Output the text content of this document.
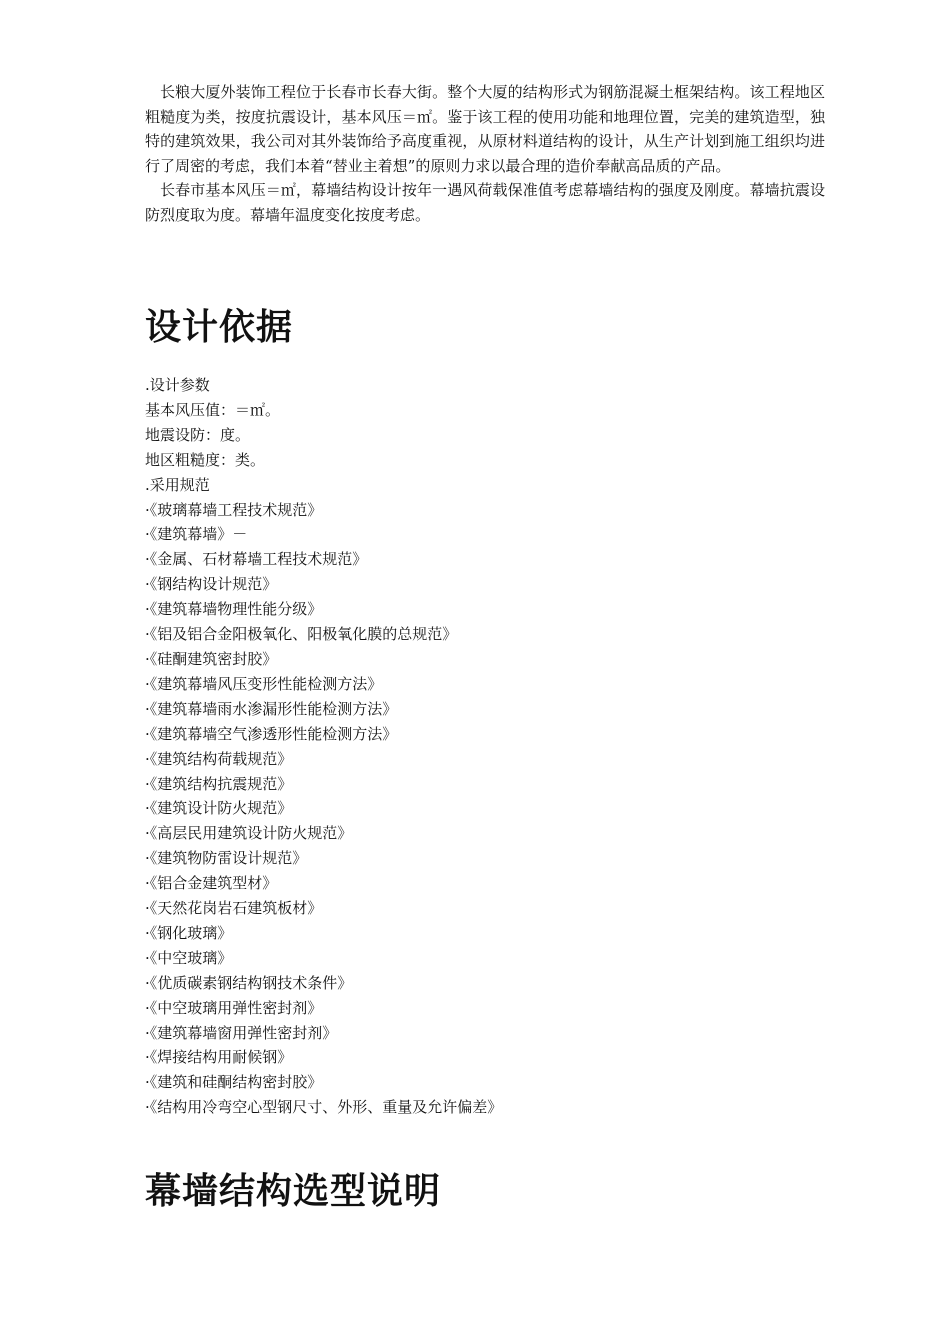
长粮大厦外装饰工程位于长春市长春大街。整个大厦的结构形式为钢筋混凝土框架结构。该工程地区粗糙度为类，按度抗震设计，基本风压＝㎡。鉴于该工程的使用功能和地理位置，完美的建筑造型，独特的建筑效果，我公司对其外装饰给予高度重视，从原材料道结构的设计，从生产计划到施工组织均进行了周密的考虑，我们本着“替业主着想”的原则力求以最合理的造价奉献高品质的产品。

长春市基本风压＝㎡，幕墙结构设计按年一遇风荷载保准值考虑幕墙结构的强度及刚度。幕墙抗震设防烈度取为度。幕墙年温度变化按度考虑。

设计依据
.设计参数
基本风压值：＝㎡。
地震设防：度。
地区粗糙度：类。
.采用规范
·《玻璃幕墙工程技术规范》
·《建筑幕墙》－
·《金属、石材幕墙工程技术规范》
·《钢结构设计规范》
·《建筑幕墙物理性能分级》
·《铝及铝合金阳极氧化、阳极氧化膜的总规范》
·《硅酮建筑密封胶》
·《建筑幕墙风压变形性能检测方法》
·《建筑幕墙雨水渗漏形性能检测方法》
·《建筑幕墙空气渗透形性能检测方法》
·《建筑结构荷载规范》
·《建筑结构抗震规范》
·《建筑设计防火规范》
·《高层民用建筑设计防火规范》
·《建筑物防雷设计规范》
·《铝合金建筑型材》
·《天然花岗岩石建筑板材》
·《钢化玻璃》
·《中空玻璃》
·《优质碳素钢结构钢技术条件》
·《中空玻璃用弹性密封剂》
·《建筑幕墙窗用弹性密封剂》
·《焊接结构用耐候钢》
·《建筑和硅酮结构密封胶》
·《结构用冷弯空心型钢尺寸、外形、重量及允许偏差》
幕墙结构选型说明
